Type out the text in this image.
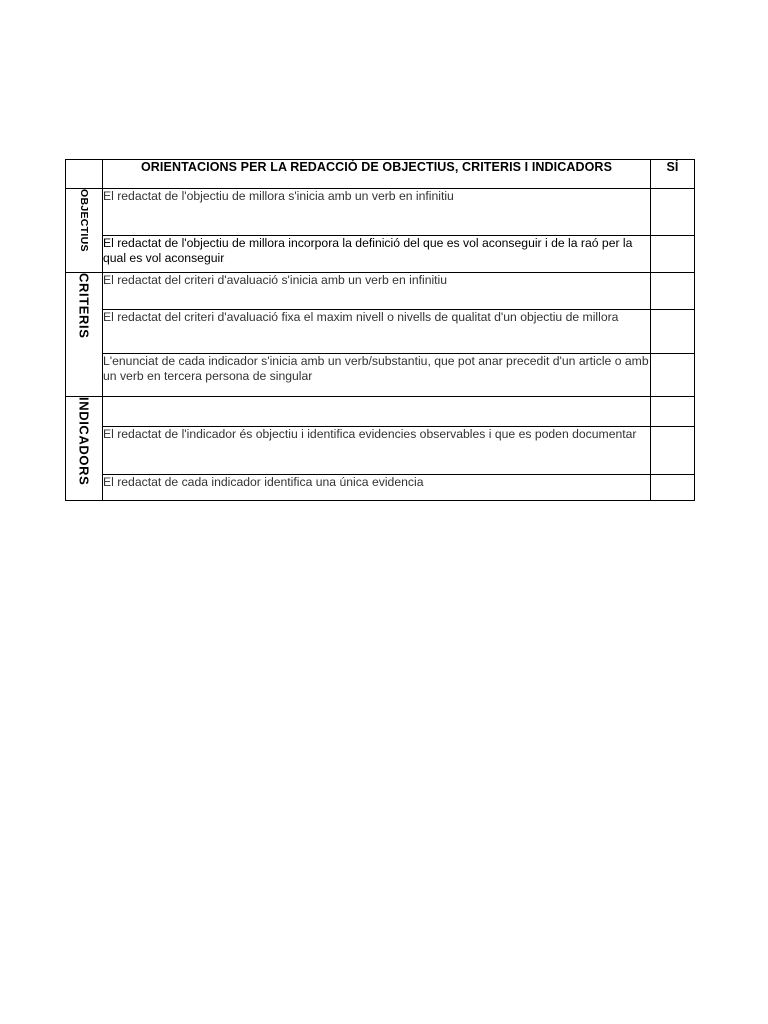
	ORIENTACIONS PER LA REDACCIÓ DE OBJECTIUS, CRITERIS I INDICADORS	SÍ
OBJECTIUS	El redactat de l'objectiu de millora s'inicia amb un verb en infinitiu	
	El redactat de l'objectiu de millora incorpora la definició del que es vol aconseguir i de la raó per la qual es vol aconseguir	
CRITERIS	El redactat del criteri d'avaluació s'inicia amb un verb en infinitiu	
	El redactat del criteri d'avaluació fixa el maxim nivell o nivells de qualitat d'un objectiu de millora	
	L'enunciat de cada indicador s'inicia amb un verb/substantiu, que pot anar precedit d'un article o amb un verb en tercera persona de singular	
INDICADORS		
	El redactat de l'indicador és objectiu i identifica evidencies observables i que es poden documentar	
	El redactat de cada indicador identifica una única evidencia	
